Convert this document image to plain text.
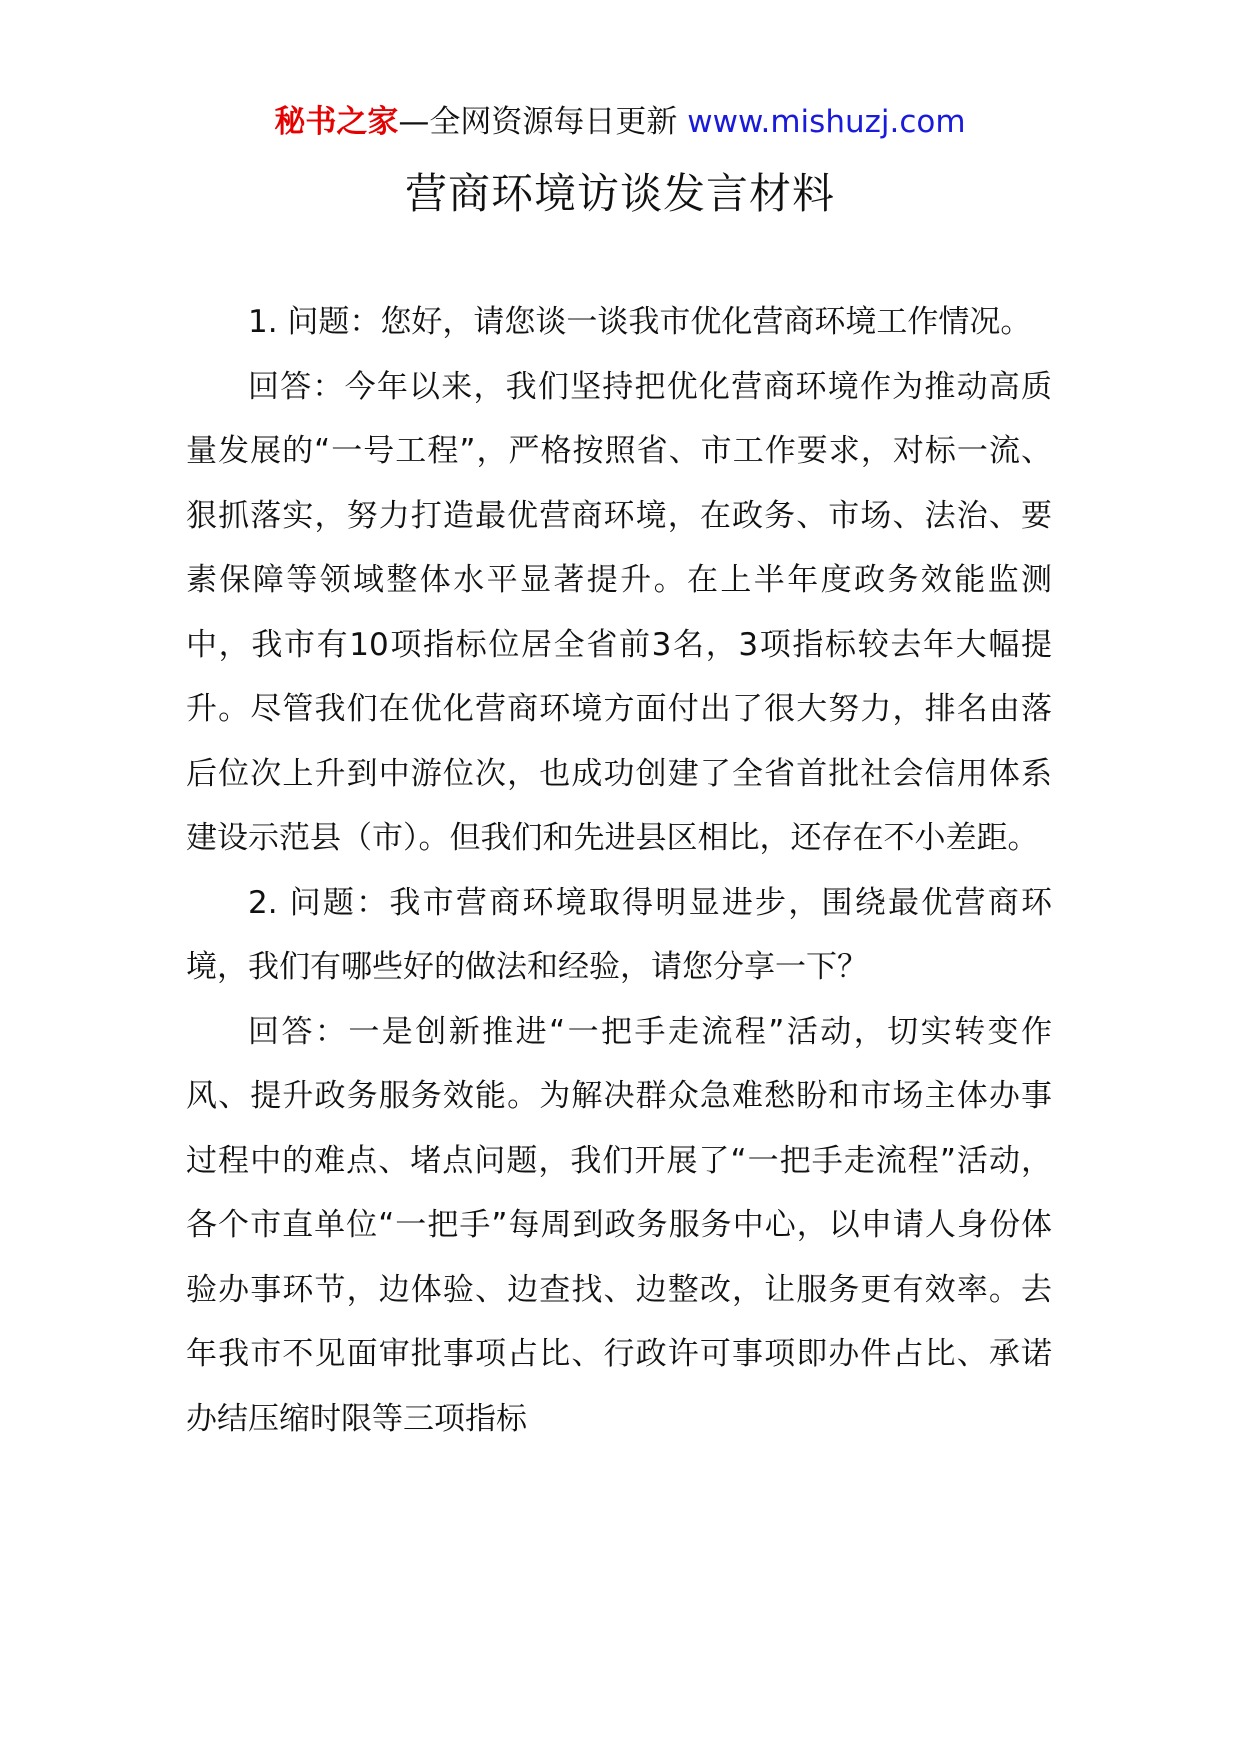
秘书之家—全网资源每日更新 www.mishuzj.com
营商环境访谈发言材料

1. 问题：您好，请您谈一谈我市优化营商环境工作情况。

回答：今年以来，我们坚持把优化营商环境作为推动高质量发展的“一号工程”，严格按照省、市工作要求，对标一流、狠抓落实，努力打造最优营商环境，在政务、市场、法治、要素保障等领域整体水平显著提升。在上半年度政务效能监测中，我市有10项指标位居全省前3名，3项指标较去年大幅提升。尽管我们在优化营商环境方面付出了很大努力，排名由落后位次上升到中游位次，也成功创建了全省首批社会信用体系建设示范县（市）。但我们和先进县区相比，还存在不小差距。

2. 问题：我市营商环境取得明显进步，围绕最优营商环境，我们有哪些好的做法和经验，请您分享一下？

回答：一是创新推进“一把手走流程”活动，切实转变作风、提升政务服务效能。为解决群众急难愁盼和市场主体办事过程中的难点、堵点问题，我们开展了“一把手走流程”活动，各个市直单位“一把手”每周到政务服务中心，以申请人身份体验办事环节，边体验、边查找、边整改，让服务更有效率。去年我市不见面审批事项占比、行政许可事项即办件占比、承诺办结压缩时限等三项指标
